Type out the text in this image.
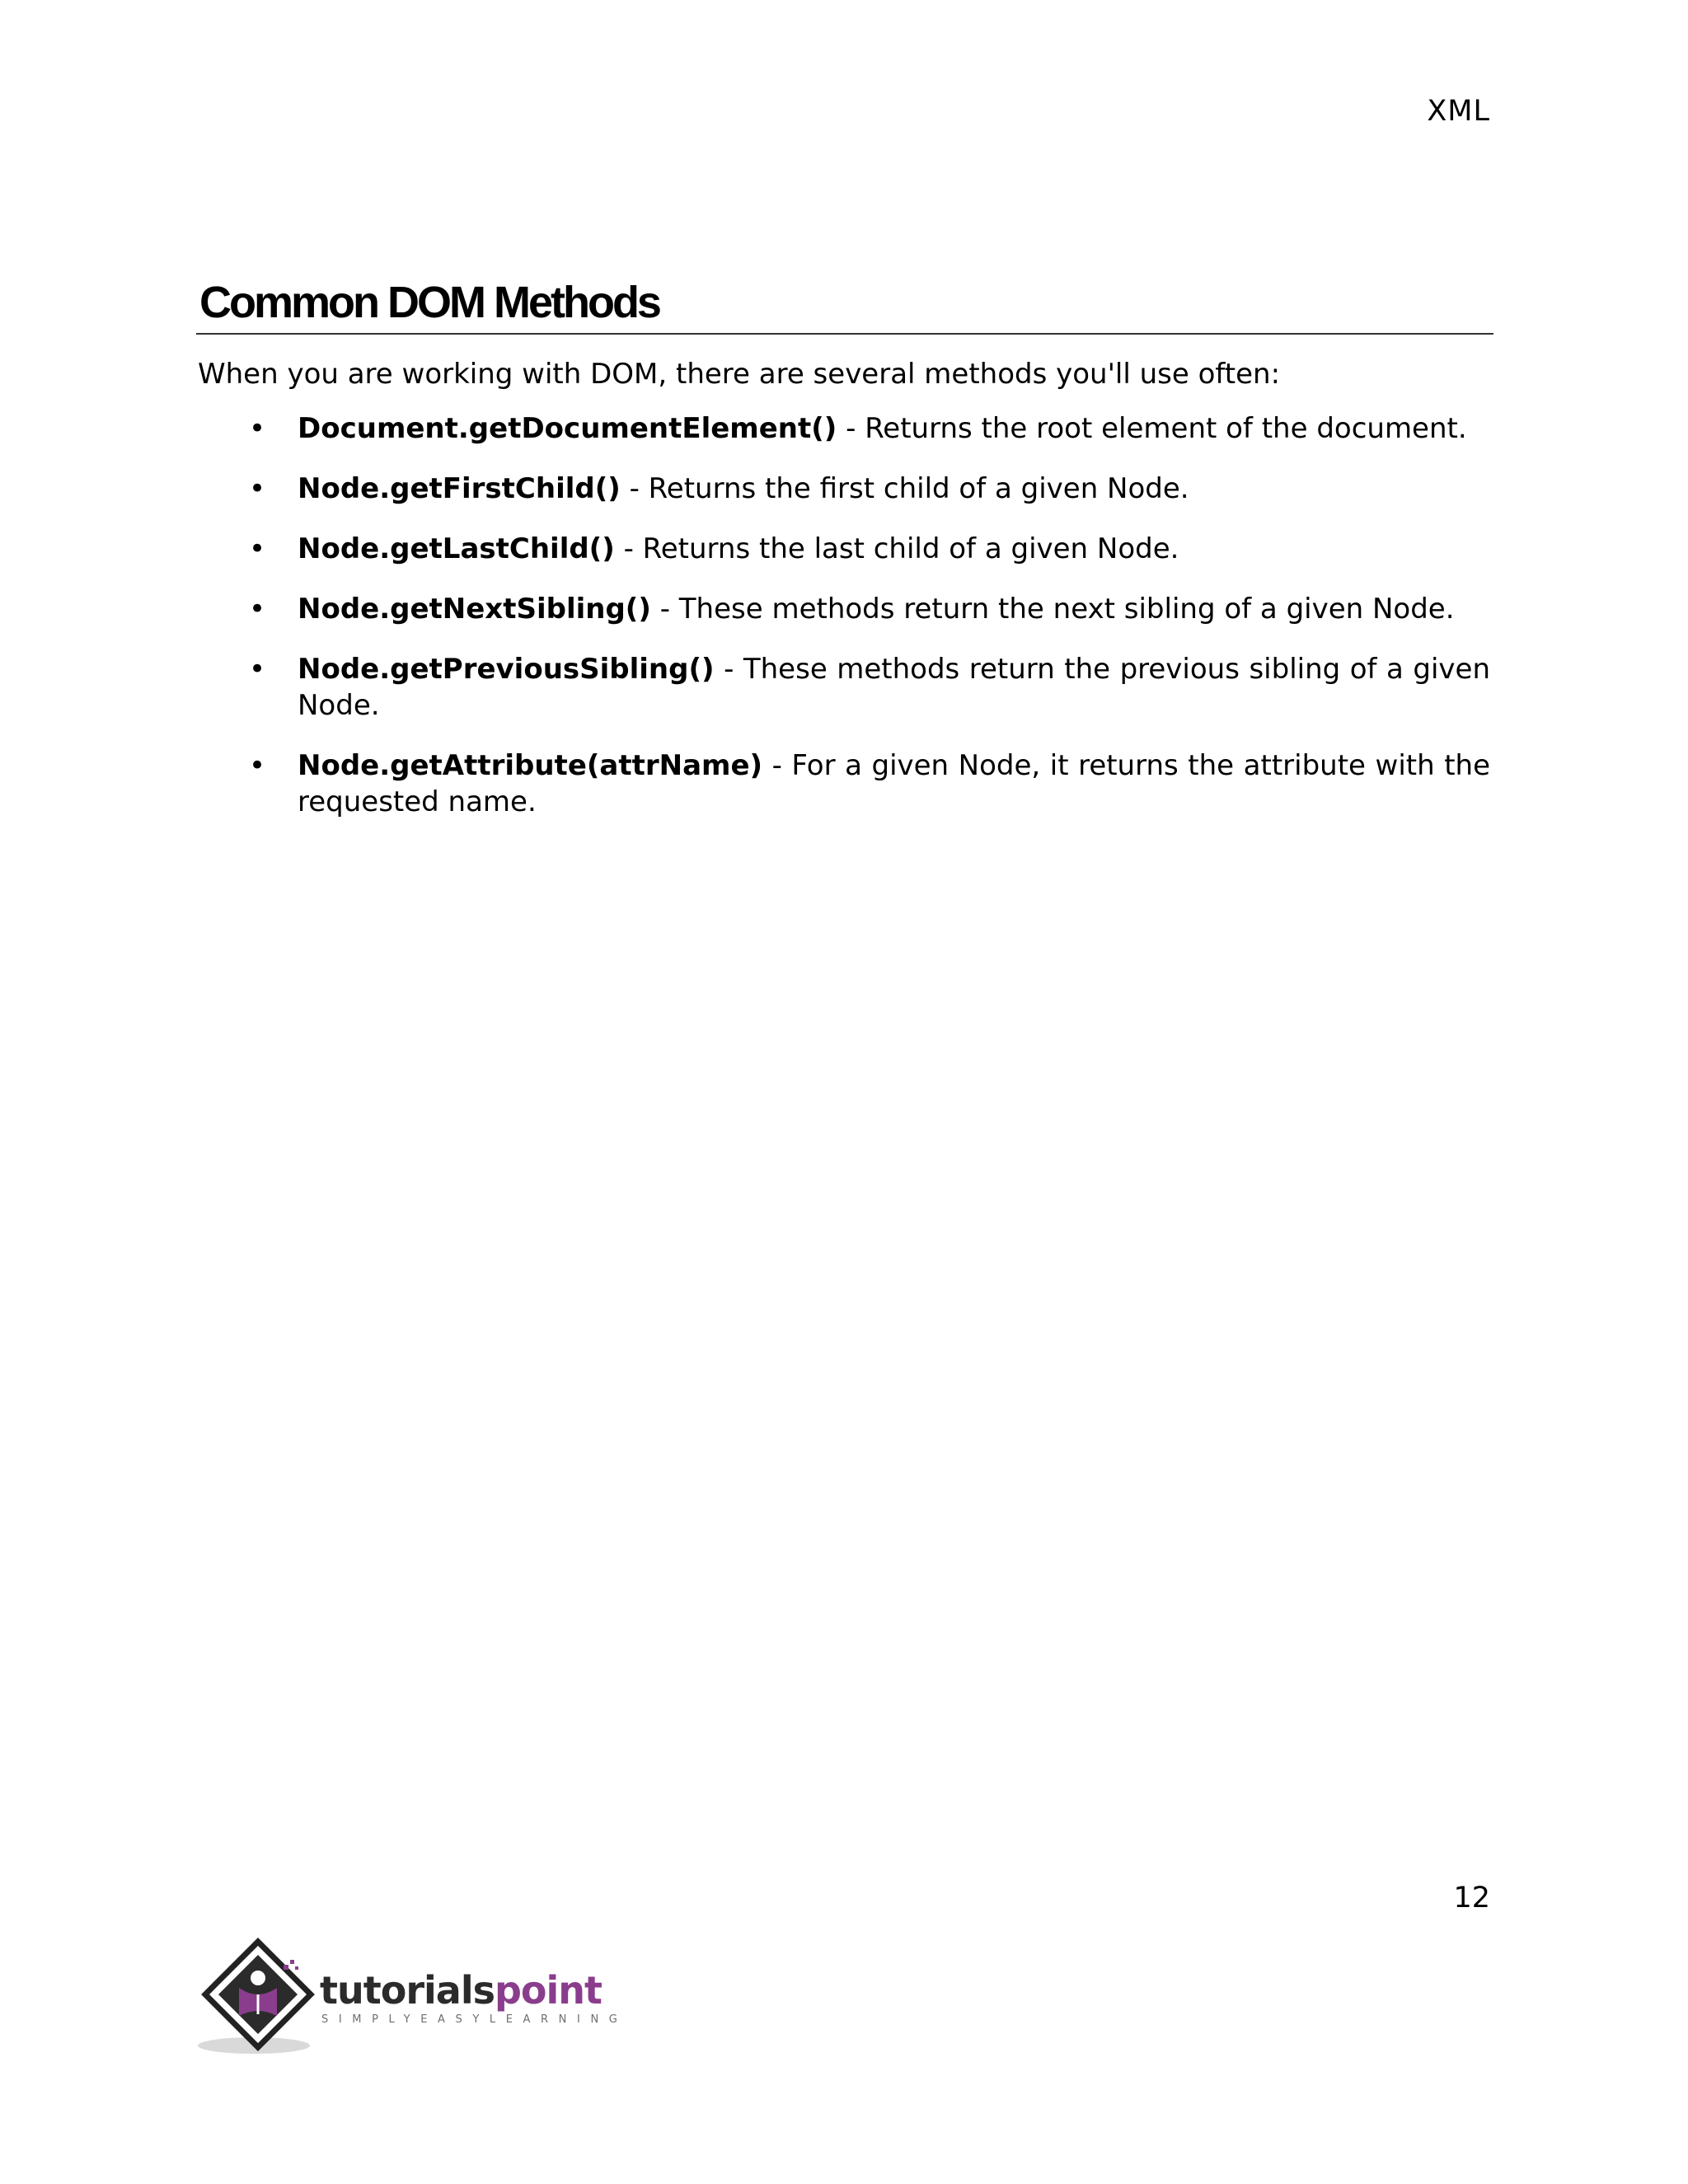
XML
Common DOM Methods

When you are working with DOM, there are several methods you'll use often:

• Document.getDocumentElement() - Returns the root element of the document.
• Node.getFirstChild() - Returns the first child of a given Node.
• Node.getLastChild() - Returns the last child of a given Node.
• Node.getNextSibling() - These methods return the next sibling of a given Node.
• Node.getPreviousSibling() - These methods return the previous sibling of a given Node.
• Node.getAttribute(attrName) - For a given Node, it returns the attribute with the requested name.
12
tutorialspoint
SIMPLYEASYLEARNING
